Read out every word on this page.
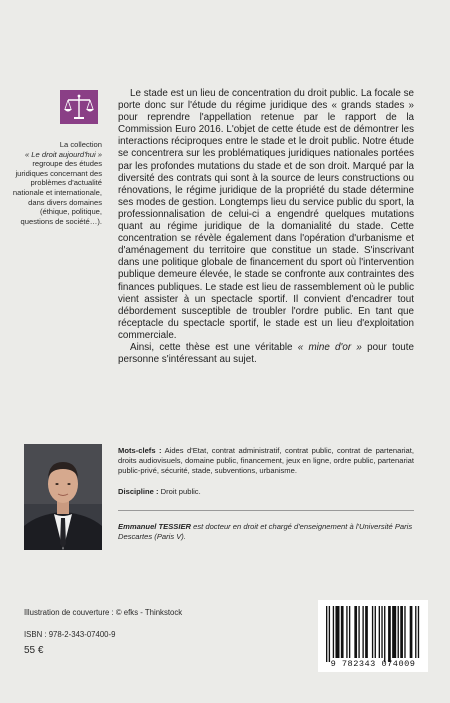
La collection
« Le droit aujourd'hui » regroupe des études juridiques concernant des problèmes d'actualité nationale et internationale, dans divers domaines (éthique, politique, questions de société…).

Le stade est un lieu de concentration du droit public. La focale se porte donc sur l'étude du régime juridique des « grands stades » pour reprendre l'appellation retenue par le rapport de la Commission Euro 2016. L'objet de cette étude est de démontrer les interactions réciproques entre le stade et le droit public. Notre étude se concentrera sur les problématiques juridiques nationales portées par les profondes mutations du stade et de son droit. Marqué par la diversité des contrats qui sont à la source de leurs constructions ou rénovations, le régime juridique de la propriété du stade détermine ses modes de gestion. Longtemps lieu du service public du sport, la professionnalisation de celui-ci a engendré quelques mutations quant au régime juridique de la domanialité du stade. Cette concentration se révèle également dans l'opération d'urbanisme et d'aménagement du territoire que constitue un stade. S'inscrivant dans une politique globale de financement du sport où l'intervention publique demeure élevée, le stade se confronte aux contraintes des finances publiques. Le stade est lieu de rassemblement où le public vient assister à un spectacle sportif. Il convient d'encadrer tout débordement susceptible de troubler l'ordre public. En tant que réceptacle du spectacle sportif, le stade est un lieu d'exploitation commerciale.

Ainsi, cette thèse est une véritable « mine d'or » pour toute personne s'intéressant au sujet.

Mots-clefs : Aides d'Etat, contrat administratif, contrat public, contrat de partenariat, droits audiovisuels, domaine public, financement, jeux en ligne, ordre public, partenariat public-privé, sécurité, stade, subventions, urbanisme.
Discipline : Droit public.
Emmanuel TESSIER est docteur en droit et chargé d'enseignement à l'Université Paris Descartes (Paris V).
Illustration de couverture : © efks - Thinkstock
ISBN : 978-2-343-07400-9
55 €
9 782343 074009
